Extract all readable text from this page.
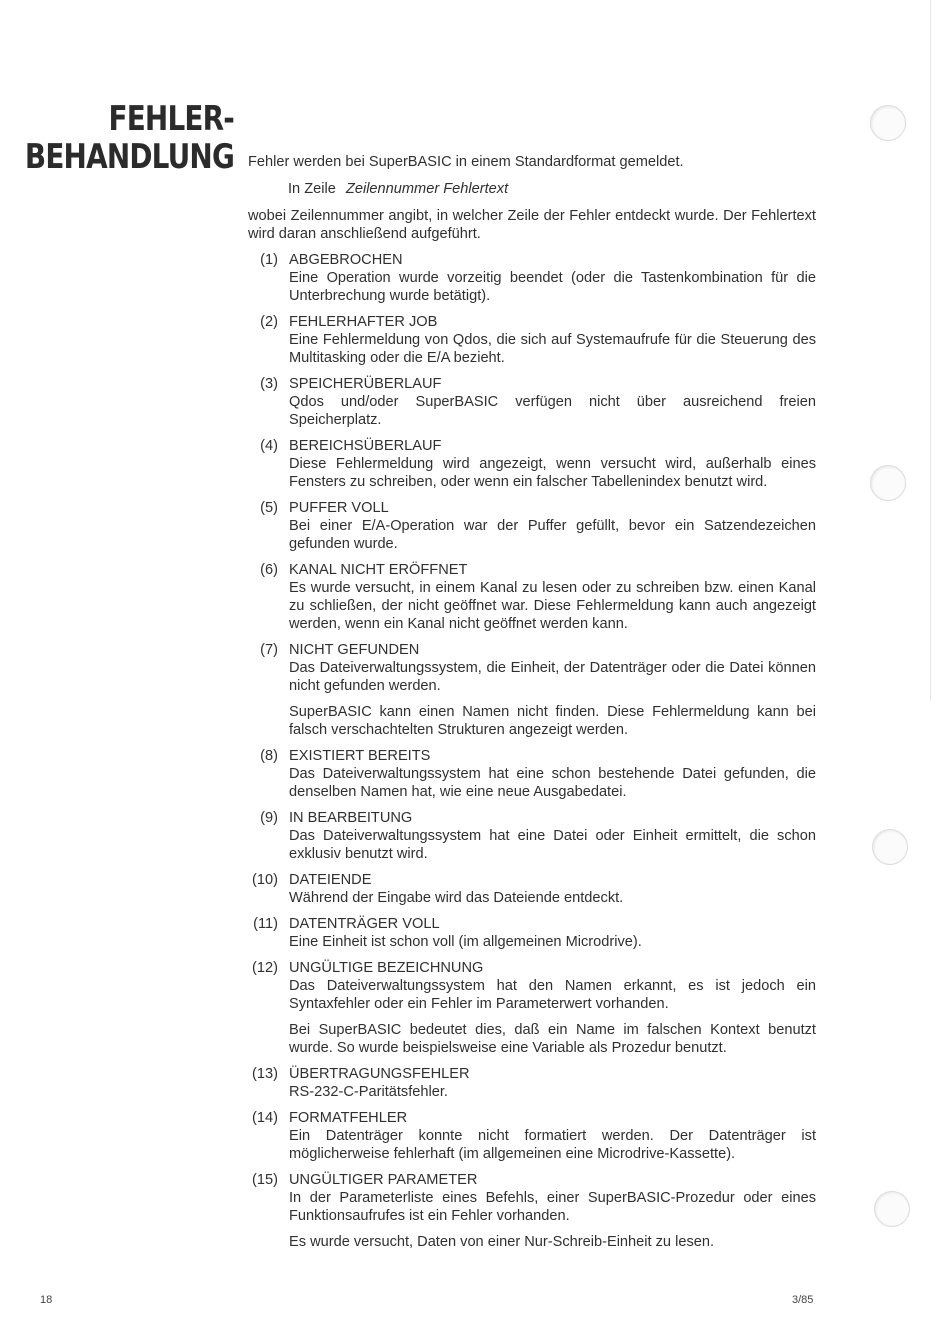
FEHLER-
BEHANDLUNG Fehler werden bei SuperBASIC in einem Standardformat gemeldet.

In Zeile Zeilennummer Fehlertext

wobei Zeilennummer angibt, in welcher Zeile der Fehler entdeckt wurde. Der Fehlertext wird daran anschließend aufgeführt.

(1) ABGEBROCHEN
Eine Operation wurde vorzeitig beendet (oder die Tastenkombination für die Unterbrechung wurde betätigt).
(2) FEHLERHAFTER JOB
Eine Fehlermeldung von Qdos, die sich auf Systemaufrufe für die Steuerung des Multitasking oder die E/A bezieht.
(3) SPEICHERÜBERLAUF
Qdos und/oder SuperBASIC verfügen nicht über ausreichend freien Speicherplatz.
(4) BEREICHSÜBERLAUF
Diese Fehlermeldung wird angezeigt, wenn versucht wird, außerhalb eines Fensters zu schreiben, oder wenn ein falscher Tabellenindex benutzt wird.
(5) PUFFER VOLL
Bei einer E/A-Operation war der Puffer gefüllt, bevor ein Satzendezeichen gefunden wurde.
(6) KANAL NICHT ERÖFFNET
Es wurde versucht, in einem Kanal zu lesen oder zu schreiben bzw. einen Kanal zu schließen, der nicht geöffnet war. Diese Fehlermeldung kann auch angezeigt werden, wenn ein Kanal nicht geöffnet werden kann.
(7) NICHT GEFUNDEN
Das Dateiverwaltungssystem, die Einheit, der Datenträger oder die Datei können nicht gefunden werden.
SuperBASIC kann einen Namen nicht finden. Diese Fehlermeldung kann bei falsch verschachtelten Strukturen angezeigt werden.
(8) EXISTIERT BEREITS
Das Dateiverwaltungssystem hat eine schon bestehende Datei gefunden, die denselben Namen hat, wie eine neue Ausgabedatei.
(9) IN BEARBEITUNG
Das Dateiverwaltungssystem hat eine Datei oder Einheit ermittelt, die schon exklusiv benutzt wird.
(10) DATEIENDE
Während der Eingabe wird das Dateiende entdeckt.
(11) DATENTRÄGER VOLL
Eine Einheit ist schon voll (im allgemeinen Microdrive).
(12) UNGÜLTIGE BEZEICHNUNG
Das Dateiverwaltungssystem hat den Namen erkannt, es ist jedoch ein Syntaxfehler oder ein Fehler im Parameterwert vorhanden.
Bei SuperBASIC bedeutet dies, daß ein Name im falschen Kontext benutzt wurde. So wurde beispielsweise eine Variable als Prozedur benutzt.
(13) ÜBERTRAGUNGSFEHLER
RS-232-C-Paritätsfehler.
(14) FORMATFEHLER
Ein Datenträger konnte nicht formatiert werden. Der Datenträger ist möglicherweise fehlerhaft (im allgemeinen eine Microdrive-Kassette).
(15) UNGÜLTIGER PARAMETER
In der Parameterliste eines Befehls, einer SuperBASIC-Prozedur oder eines Funktionsaufrufes ist ein Fehler vorhanden.
Es wurde versucht, Daten von einer Nur-Schreib-Einheit zu lesen.
18	3/85
